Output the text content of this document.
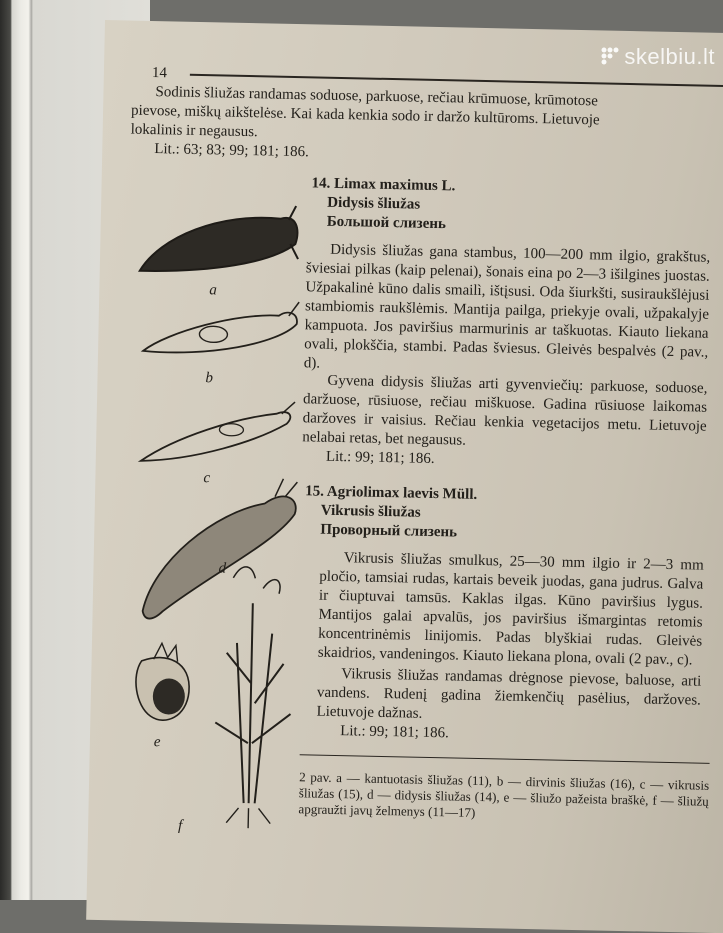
14

Sodinis šliužas randamas soduose, parkuose, rečiau krūmuose, krūmotose pievose, miškų aikštelėse. Kai kada kenkia sodo ir daržo kultūroms. Lietuvoje lokalinis ir negausus.

Lit.: 63; 83; 99; 181; 186.
14. Limax maximus L.
Didysis šliužas
Большой слизень

Didysis šliužas gana stambus, 100—200 mm ilgio, grakštus, šviesiai pilkas (kaip pelenai), šonais eina po 2—3 išilgines juostas. Užpakalinė kūno dalis smailì, ištįsusi. Oda šiurkšti, susiraukšlėjusi stambiomis raukšlėmis. Mantija pailga, priekyje ovali, užpakalyje kampuota. Jos paviršius marmurinis ar taškuotas. Kiauto liekana ovali, plokščia, stambi. Padas šviesus. Gleivės bespalvės (2 pav., d).

Gyvena didysis šliužas arti gyvenviečių: parkuose, soduose, daržuose, rūsiuose, rečiau miškuose. Gadina rūsiuose laikomas daržoves ir vaisius. Rečiau kenkia vegetacijos metu. Lietuvoje nelabai retas, bet negausus.

Lit.: 99; 181; 186.
15. Agriolimax laevis Müll.
Vikrusis šliužas
Проворный слизень

Vikrusis šliužas smulkus, 25—30 mm ilgio ir 2—3 mm pločio, tamsiai rudas, kartais beveik juodas, gana judrus. Galva ir čiuptuvai tamsūs. Kaklas ilgas. Kūno paviršius lygus. Mantijos galai apvalūs, jos paviršius išmargintas retomis koncentrinėmis linijomis. Padas blyškiai rudas. Gleivės skaidrios, vandeningos. Kiauto liekana plona, ovali (2 pav., c).

Vikrusis šliužas randamas drėgnose pievose, baluose, arti vandens. Rudenį gadina žiemkenčių pasėlius, daržoves. Lietuvoje dažnas.

Lit.: 99; 181; 186.
a
b
c
d
e
f

2 pav. a — kantuotasis šliužas (11), b — dirvinis šliužas (16), c — vikrusis šliužas (15), d — didysis šliužas (14), e — šliužo pažeista braškė, f — šliužų apgraužti javų želmenys (11—17)

skelbiu.lt
